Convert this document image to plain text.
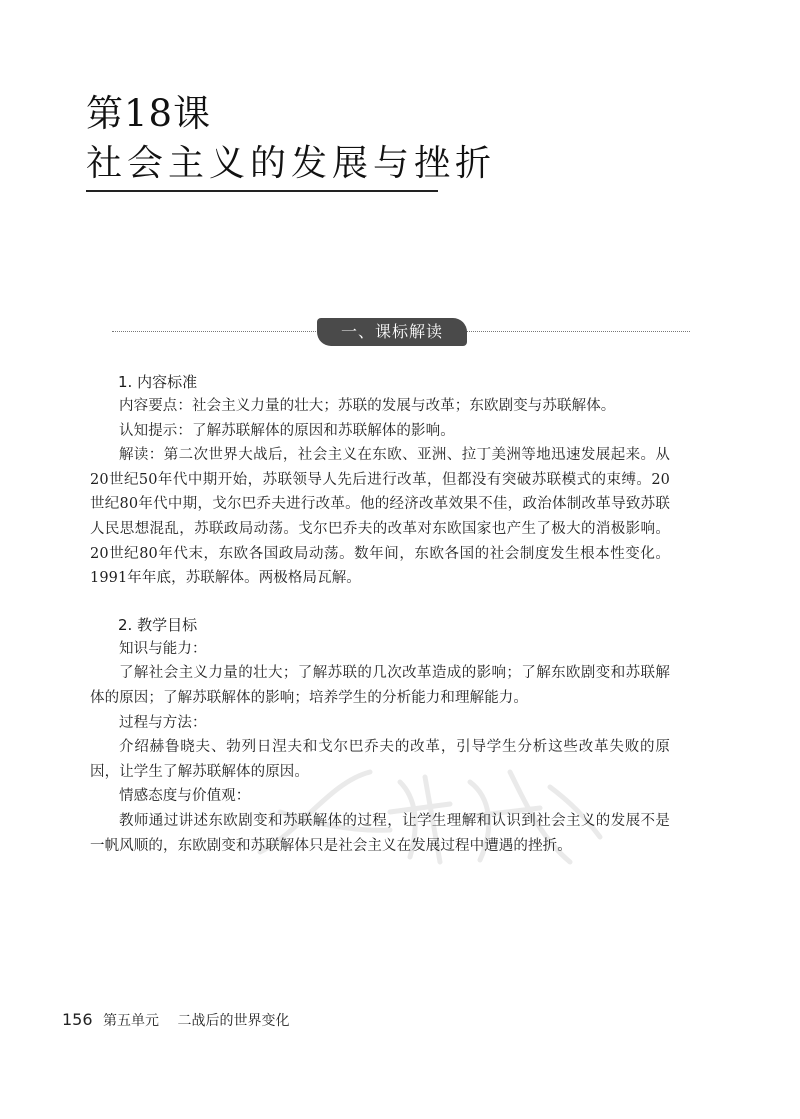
第18课
社会主义的发展与挫折
一、课标解读

1. 内容标准

内容要点：社会主义力量的壮大；苏联的发展与改革；东欧剧变与苏联解体。

认知提示：了解苏联解体的原因和苏联解体的影响。

解读：第二次世界大战后，社会主义在东欧、亚洲、拉丁美洲等地迅速发展起来。从20世纪50年代中期开始，苏联领导人先后进行改革，但都没有突破苏联模式的束缚。20世纪80年代中期，戈尔巴乔夫进行改革。他的经济改革效果不佳，政治体制改革导致苏联人民思想混乱，苏联政局动荡。戈尔巴乔夫的改革对东欧国家也产生了极大的消极影响。20世纪80年代末，东欧各国政局动荡。数年间，东欧各国的社会制度发生根本性变化。1991年年底，苏联解体。两极格局瓦解。

2. 教学目标

知识与能力：

了解社会主义力量的壮大；了解苏联的几次改革造成的影响；了解东欧剧变和苏联解体的原因；了解苏联解体的影响；培养学生的分析能力和理解能力。

过程与方法：

介绍赫鲁晓夫、勃列日涅夫和戈尔巴乔夫的改革，引导学生分析这些改革失败的原因，让学生了解苏联解体的原因。

情感态度与价值观：

教师通过讲述东欧剧变和苏联解体的过程，让学生理解和认识到社会主义的发展不是一帆风顺的，东欧剧变和苏联解体只是社会主义在发展过程中遭遇的挫折。

156 第五单元 二战后的世界变化
